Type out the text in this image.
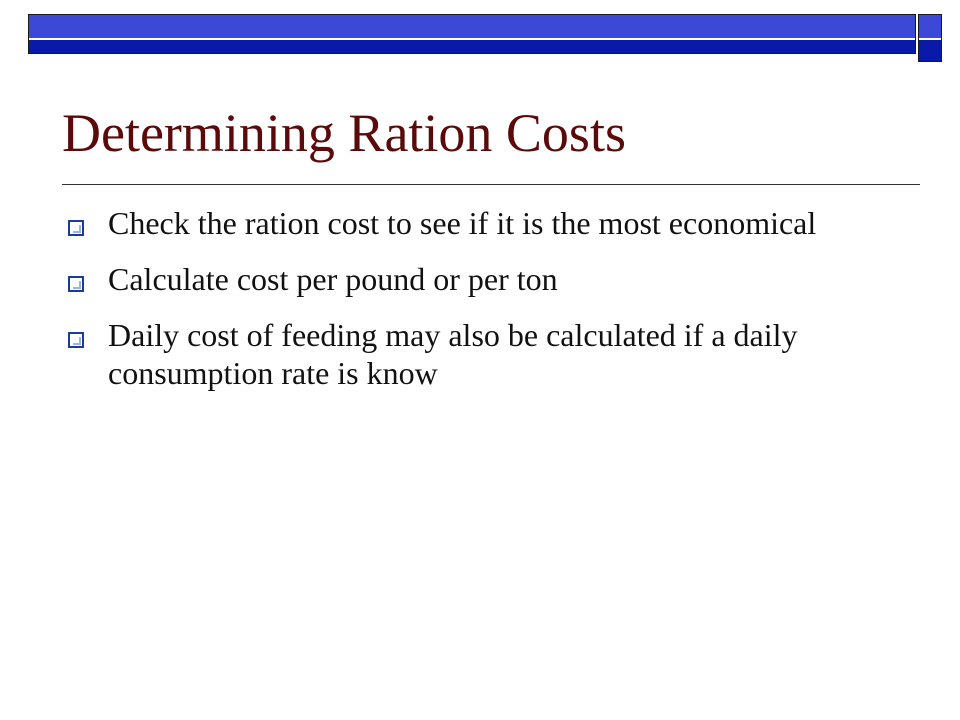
Determining Ration Costs
Check the ration cost to see if it is the most economical
Calculate cost per pound or per ton
Daily cost of feeding may also be calculated if a daily consumption rate is know
